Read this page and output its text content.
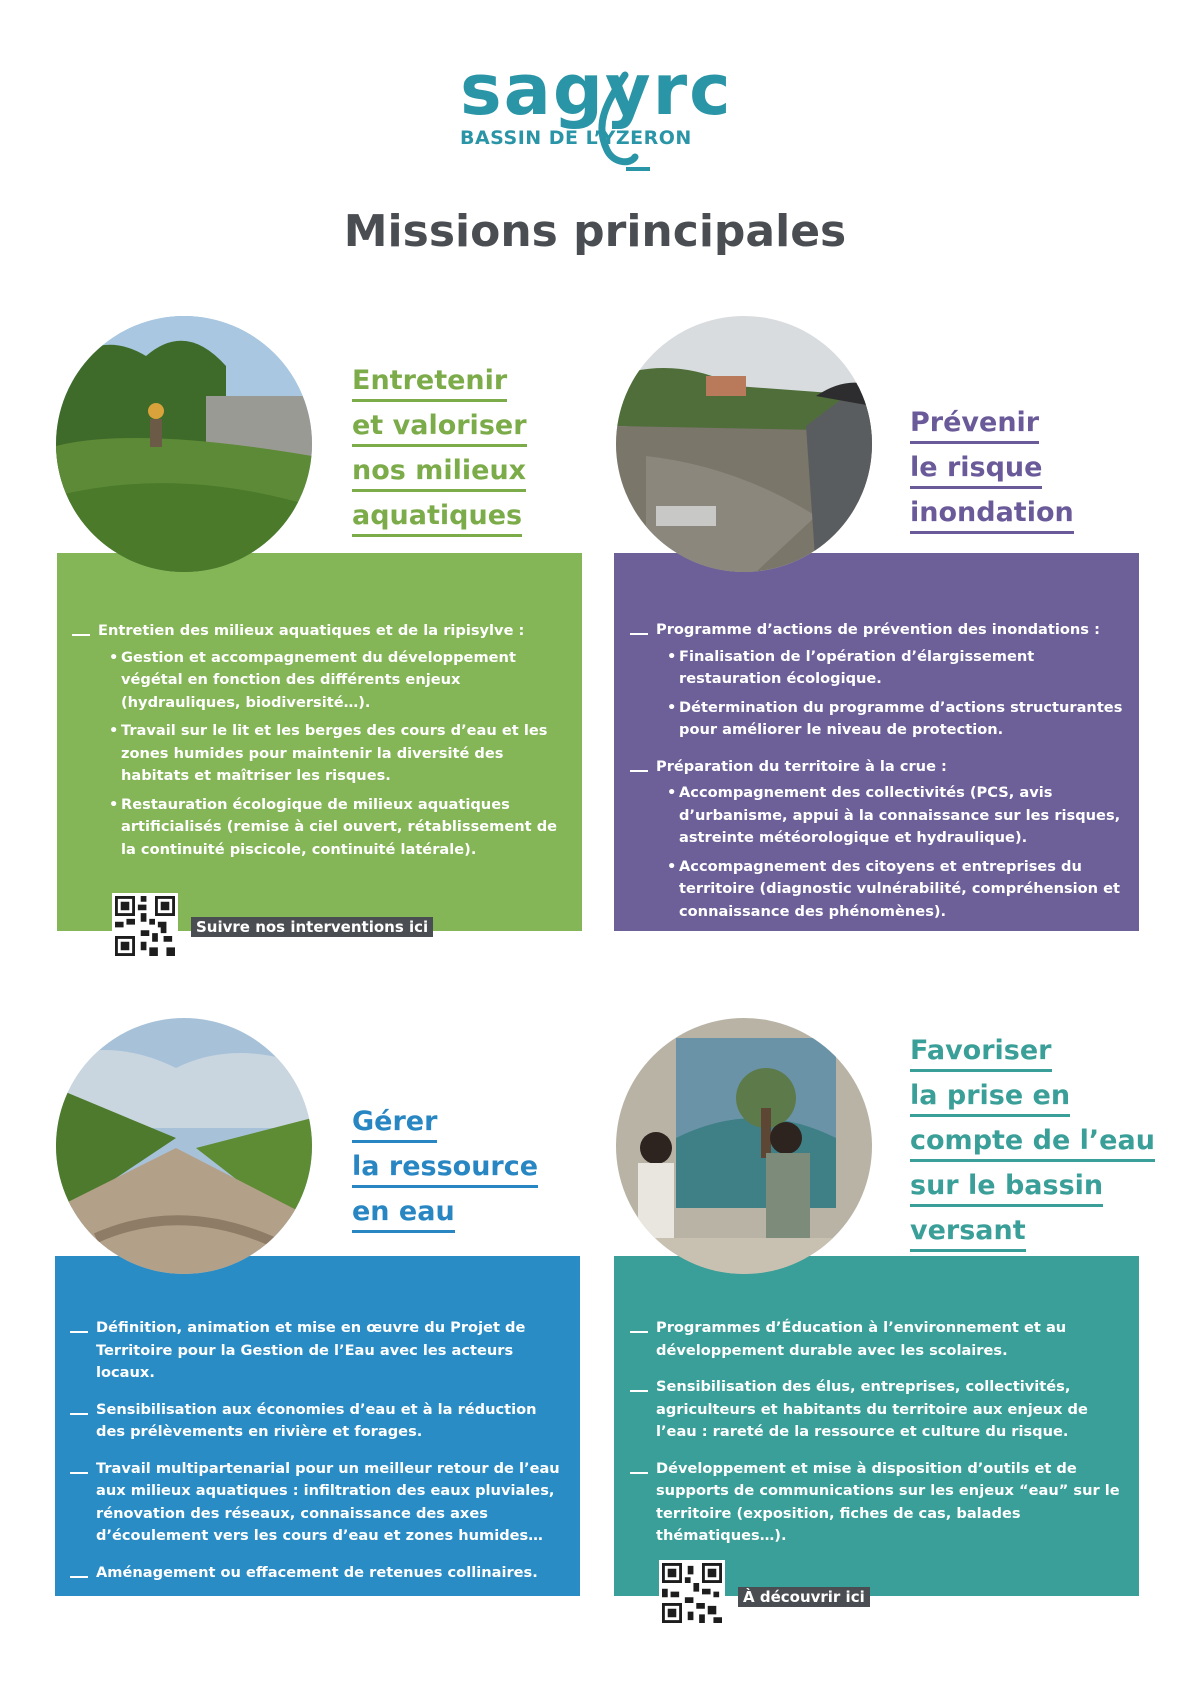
sagyrc
BASSIN DE L’YZERON
Missions principales
Entretenir
et valoriser
nos milieux
aquatiques
Entretien des milieux aquatiques et de la ripisylve :
• Gestion et accompagnement du développement végétal en fonction des différents enjeux (hydrauliques, biodiversité…).
• Travail sur le lit et les berges des cours d’eau et les zones humides pour maintenir la diversité des habitats et maîtriser les risques.
• Restauration écologique de milieux aquatiques artificialisés (remise à ciel ouvert, rétablissement de la continuité piscicole, continuité latérale).
Suivre nos interventions ici
Prévenir
le risque
inondation
Programme d’actions de prévention des inondations :
• Finalisation de l’opération d’élargissement restauration écologique.
• Détermination du programme d’actions structurantes pour améliorer le niveau de protection.
Préparation du territoire à la crue :
• Accompagnement des collectivités (PCS, avis d’urbanisme, appui à la connaissance sur les risques, astreinte météorologique et hydraulique).
• Accompagnement des citoyens et entreprises du territoire (diagnostic vulnérabilité, compréhension et connaissance des phénomènes).
Gérer
la ressource
en eau
Définition, animation et mise en œuvre du Projet de Territoire pour la Gestion de l’Eau avec les acteurs locaux.
Sensibilisation aux économies d’eau et à la réduction des prélèvements en rivière et forages.
Travail multipartenarial pour un meilleur retour de l’eau aux milieux aquatiques : infiltration des eaux pluviales, rénovation des réseaux, connaissance des axes d’écoulement vers les cours d’eau et zones humides…
Aménagement ou effacement de retenues collinaires.
Favoriser
la prise en
compte de l’eau
sur le bassin
versant
Programmes d’Éducation à l’environnement et au développement durable avec les scolaires.
Sensibilisation des élus, entreprises, collectivités, agriculteurs et habitants du territoire aux enjeux de l’eau : rareté de la ressource et culture du risque.
Développement et mise à disposition d’outils et de supports de communications sur les enjeux “eau” sur le territoire (exposition, fiches de cas, balades thématiques…).
À découvrir ici
